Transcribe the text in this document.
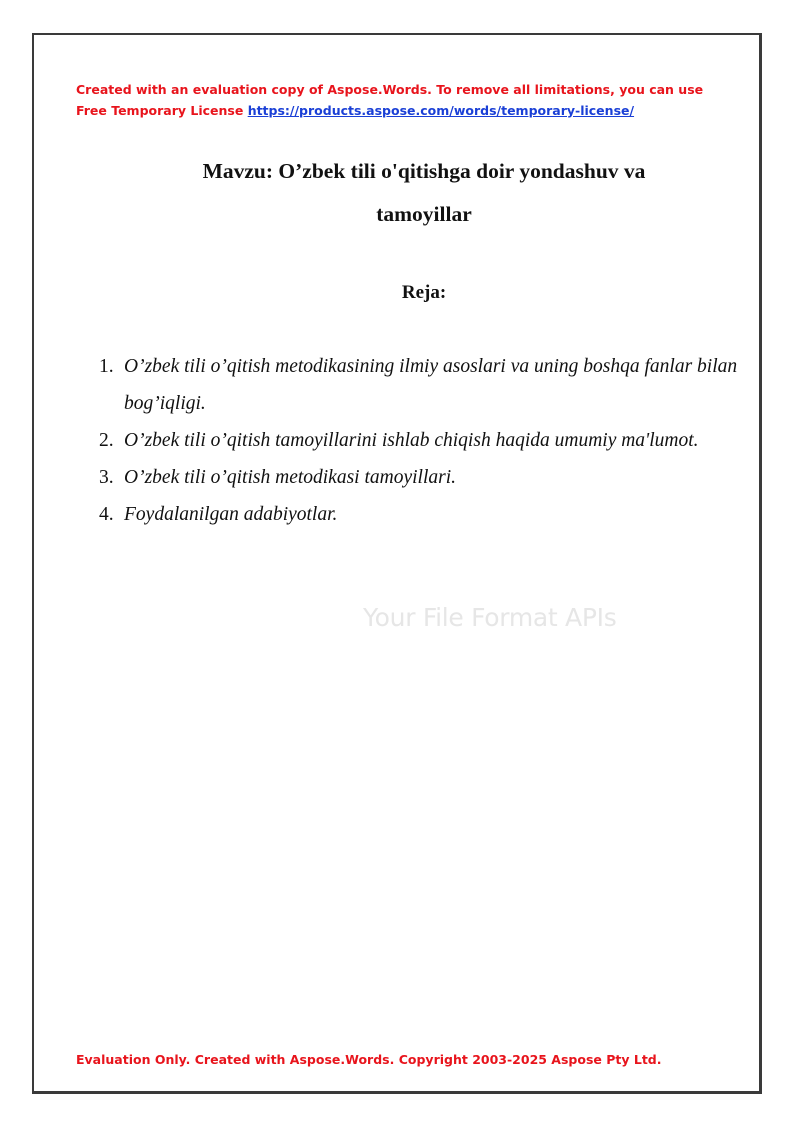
Created with an evaluation copy of Aspose.Words. To remove all limitations, you can use Free Temporary License https://products.aspose.com/words/temporary-license/
Mavzu: O’zbek tili o'qitishga doir yondashuv va
tamoyillar
Reja:
1. O’zbek tili o’qitish metodikasining ilmiy asoslari va uning boshqa fanlar bilan bog’iqligi.
2. O’zbek tili o’qitish tamoyillarini ishlab chiqish haqida umumiy ma'lumot.
3. O’zbek tili o’qitish metodikasi tamoyillari.
4. Foydalanilgan adabiyotlar.
Your File Format APIs
Evaluation Only. Created with Aspose.Words. Copyright 2003-2025 Aspose Pty Ltd.
